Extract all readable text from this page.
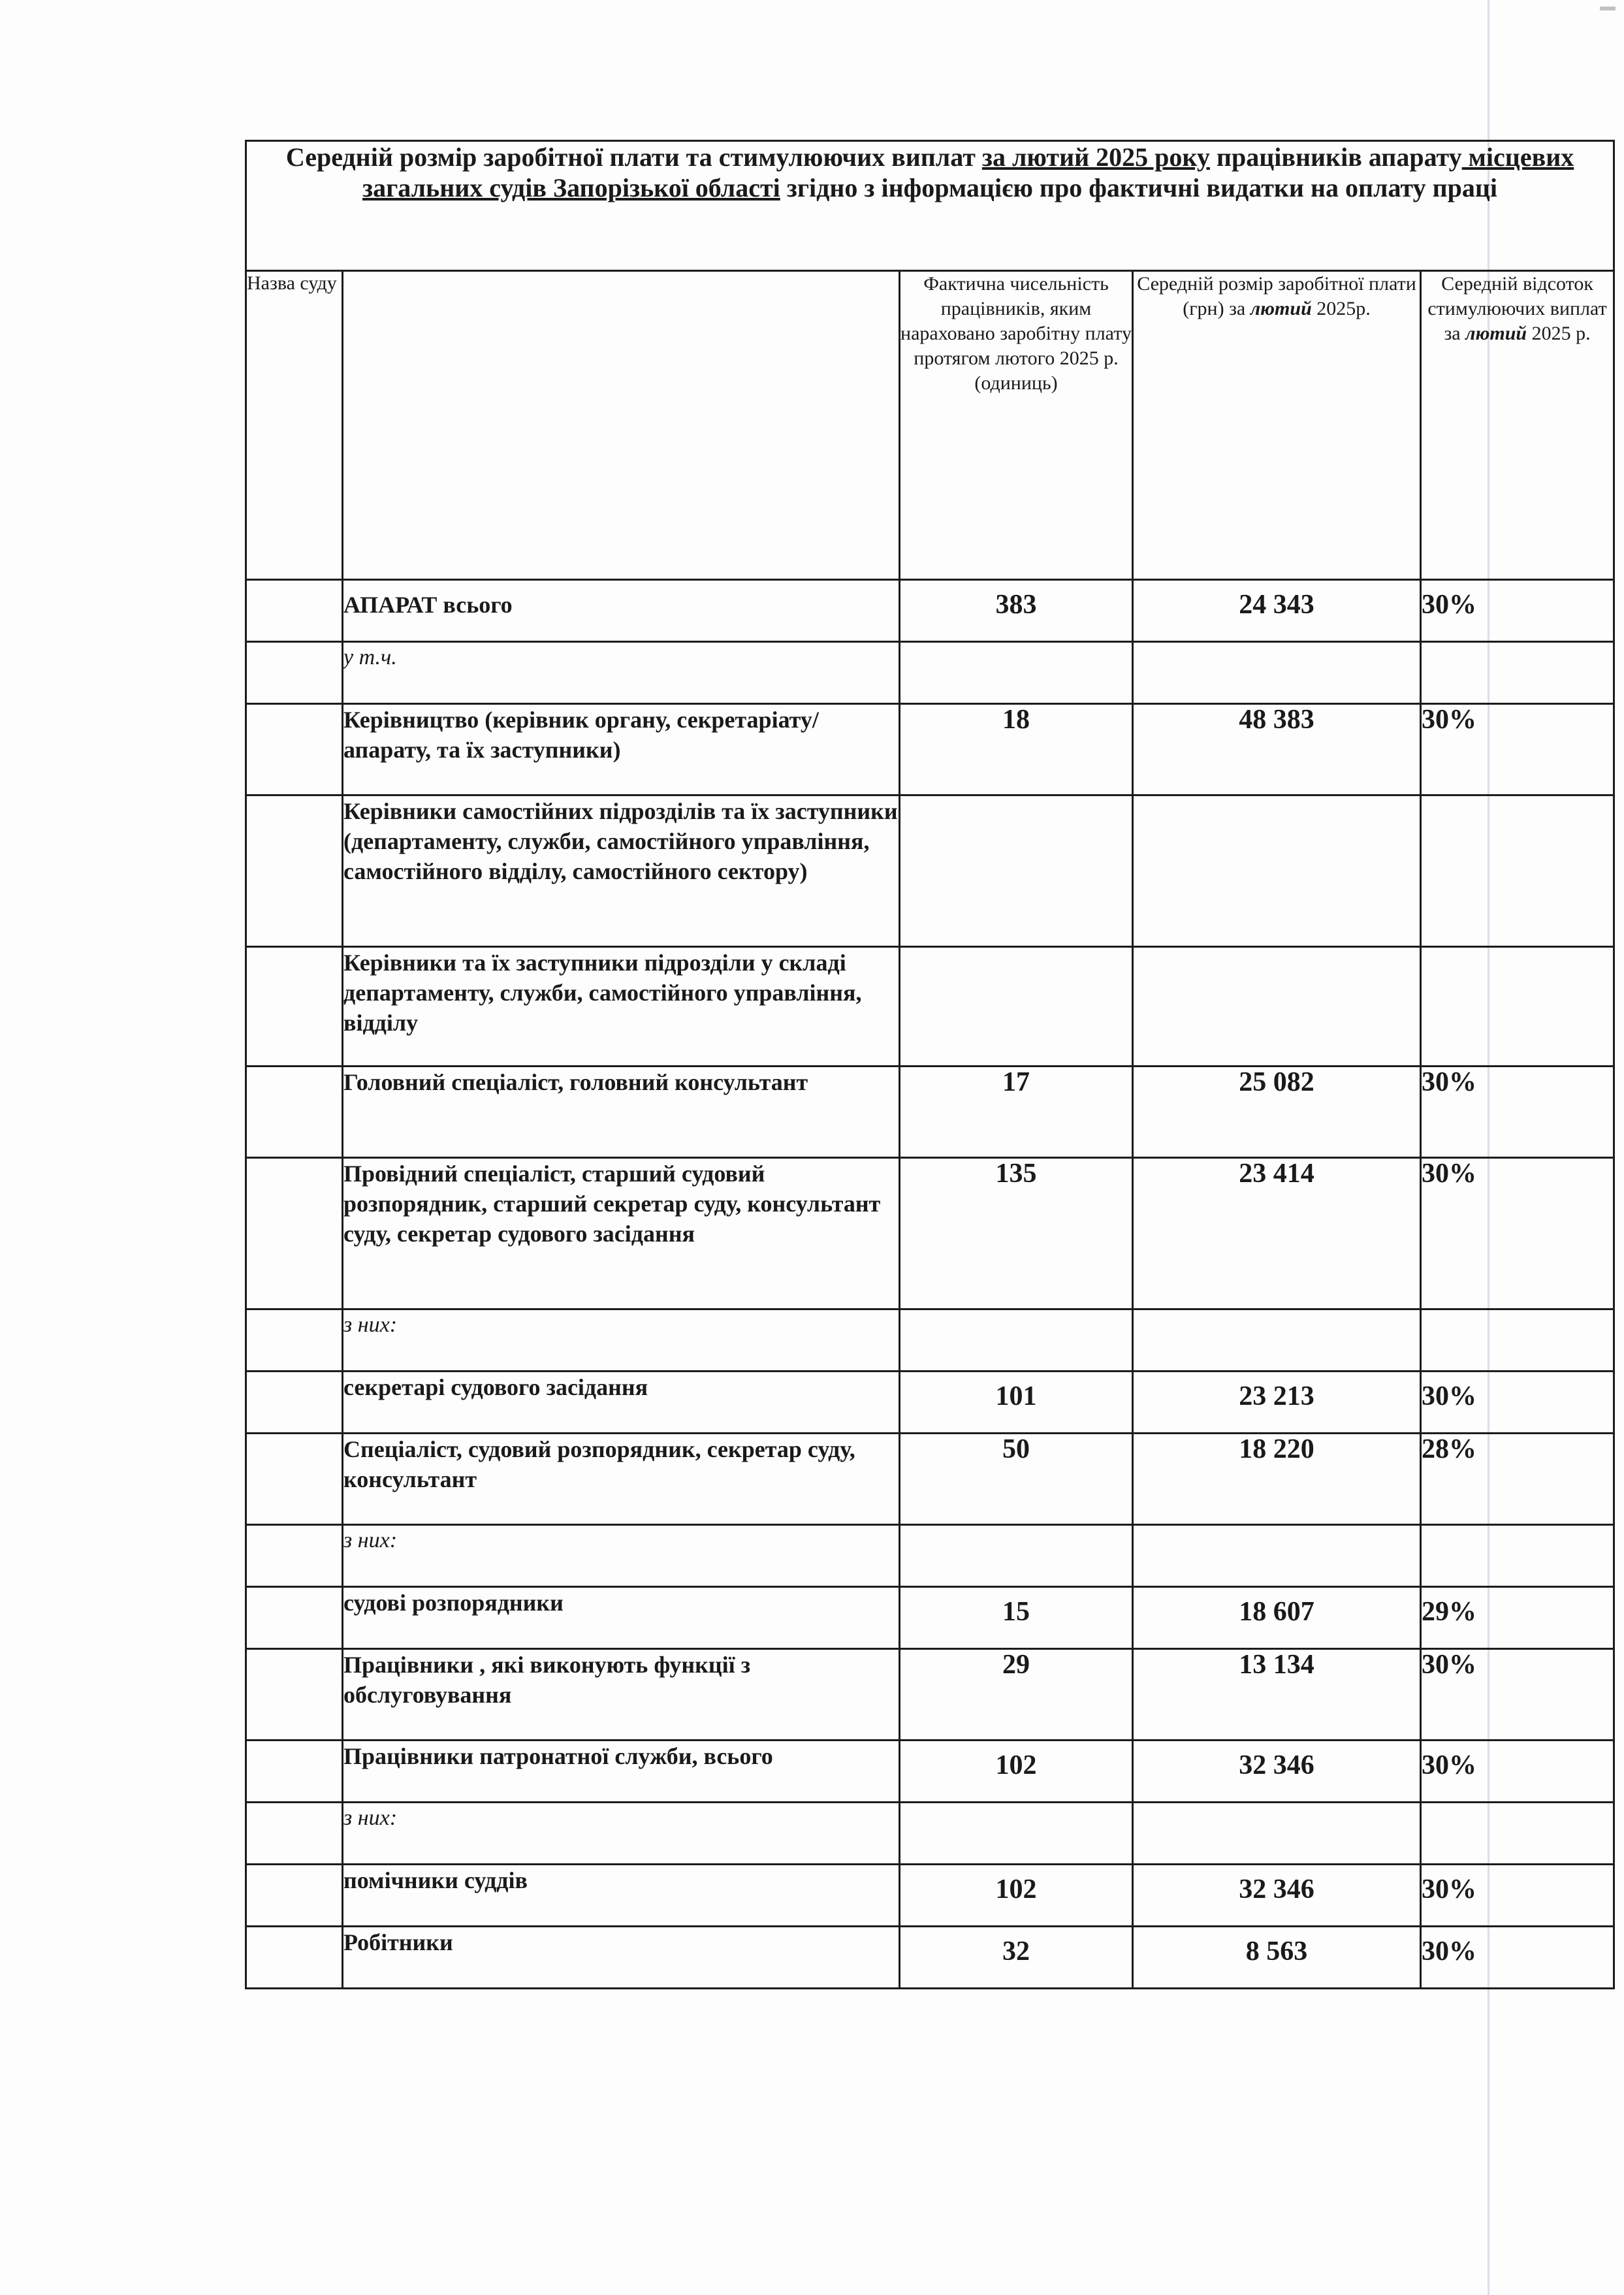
Середній розмір заробітної плати та стимулюючих виплат за лютий 2025 року працівників апарату місцевих загальних судів Запорізької області згідно з інформацією про фактичні видатки на оплату праці				
Назва суду		Фактична чисельність працівників, яким нараховано заробітну плату протягом лютого 2025 р. (одиниць)	Середній розмір заробітної плати (грн) за лютий 2025р.	Середній відсоток стимулюючих виплат за лютий 2025 р.
	АПАРАТ всього	383	24 343	30%
	у т.ч.			
	Керівництво (керівник органу, секретаріату/апарату, та їх заступники)	18	48 383	30%
	Керівники самостійних підрозділів та їх заступники (департаменту, служби, самостійного управління, самостійного відділу, самостійного сектору)			
	Керівники та їх заступники підрозділи у складі департаменту, служби, самостійного управління, відділу			
	Головний спеціаліст, головний консультант	17	25 082	30%
	Провідний спеціаліст, старший судовий розпорядник, старший секретар суду, консультант суду, секретар судового засідання	135	23 414	30%
	з них:			
	секретарі судового засідання	101	23 213	30%
	Спеціаліст, судовий розпорядник, секретар суду, консультант	50	18 220	28%
	з них:			
	судові розпорядники	15	18 607	29%
	Працівники , які виконують функції з обслуговування	29	13 134	30%
	Працівники патронатної служби, всього	102	32 346	30%
	з них:			
	помічники суддів	102	32 346	30%
	Робітники	32	8 563	30%
